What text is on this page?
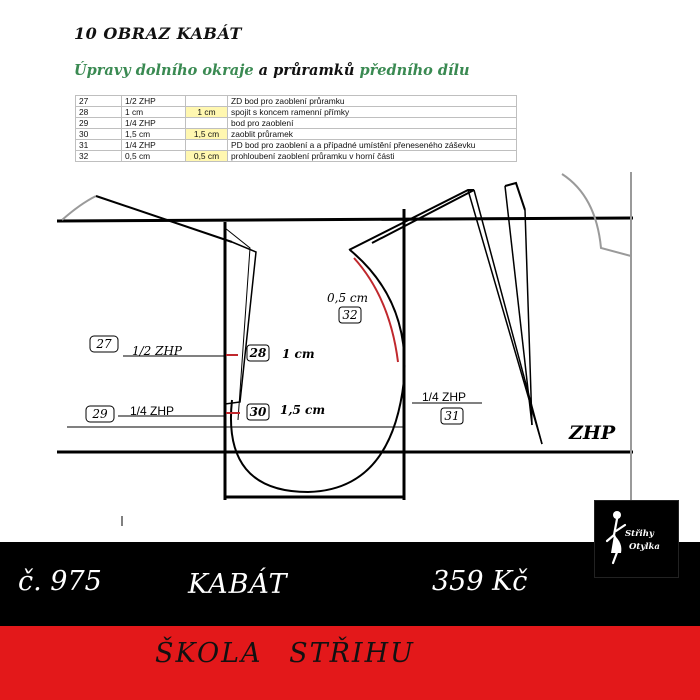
10 OBRAZ KABÁT
Úpravy dolního okraje a průramků předního dílu
27	1/2 ZHP		ZD bod pro zaoblení průramku
28	1 cm	1 cm	spojit s koncem ramenní přímky
29	1/4 ZHP		bod pro zaoblení
30	1,5 cm	1,5 cm	zaoblit průramek
31	1/4 ZHP		PD bod pro zaoblení a a případné umístění přeneseného záševku
32	0,5 cm	0,5 cm	prohloubení zaoblení průramku v horní části
27 1/2 ZHP	28 1 cm
29 1/4 ZHP	30 1,5 cm
1/4 ZHP
31
0,5 cm
32
ZHP
č. 975	KABÁT	359 Kč
ŠKOLA STŘIHU
Střihy
Otylka
